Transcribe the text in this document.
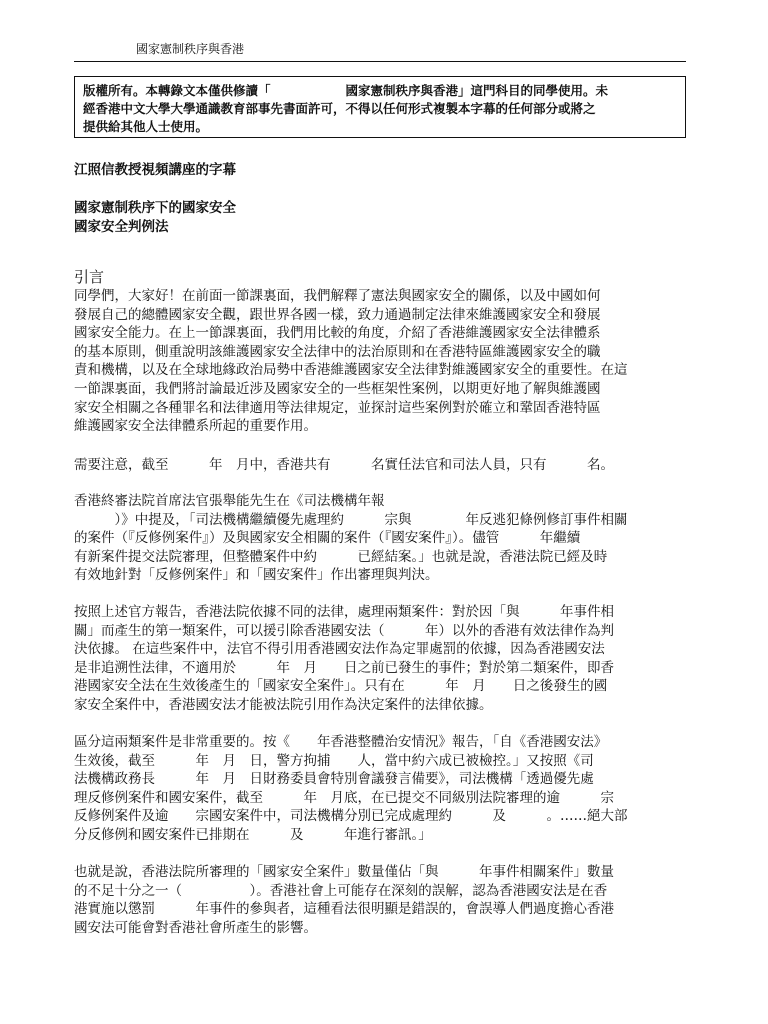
國家憲制秩序與香港
版權所有。本轉錄文本僅供修讀「　　　　　　國家憲制秩序與香港」這門科目的同學使用。未
經香港中文大學大學通識教育部事先書面許可，不得以任何形式複製本字幕的任何部分或將之
提供給其他人士使用。
江照信教授視頻講座的字幕
國家憲制秩序下的國家安全
國家安全判例法
引言
同學們，大家好！在前面一節課裏面，我們解釋了憲法與國家安全的關係，以及中國如何
發展自己的總體國家安全觀，跟世界各國一樣，致力通過制定法律來維護國家安全和發展
國家安全能力。在上一節課裏面，我們用比較的角度，介紹了香港維護國家安全法律體系
的基本原則，側重說明該維護國家安全法律中的法治原則和在香港特區維護國家安全的職
責和機構，以及在全球地緣政治局勢中香港維護國家安全法律對維護國家安全的重要性。在這
一節課裏面，我們將討論最近涉及國家安全的一些框架性案例，以期更好地了解與維護國
家安全相關之各種罪名和法律適用等法律規定，並探討這些案例對於確立和鞏固香港特區
維護國家安全法律體系所起的重要作用。
需要注意，截至　　　年　月中，香港共有　　　名實任法官和司法人員，只有　　　名。
香港終審法院首席法官張舉能先生在《司法機構年報
　　　）》中提及，「司法機構繼續優先處理約　　　宗與　　　　年反逃犯條例修訂事件相關
的案件（『反修例案件』）及與國家安全相關的案件（『國安案件』）。儘管　　　年繼續
有新案件提交法院審理，但整體案件中約　　　已經結案。」也就是說，香港法院已經及時
有效地針對「反修例案件」和「國安案件」作出審理與判決。
按照上述官方報告，香港法院依據不同的法律，處理兩類案件：對於因「與　　　年事件相
關」而產生的第一類案件，可以援引除香港國安法（　　　年）以外的香港有效法律作為判
決依據。 在這些案件中，法官不得引用香港國安法作為定罪處罰的依據，因為香港國安法
是非追溯性法律，不適用於　　　年　月　　日之前已發生的事件；對於第二類案件，即香
港國家安全法在生效後產生的「國家安全案件」。只有在　　　年　月　　日之後發生的國
家安全案件中，香港國安法才能被法院引用作為決定案件的法律依據。
區分這兩類案件是非常重要的。按《　　年香港整體治安情況》報告，「自《香港國安法》
生效後，截至　　　年　月　日，警方拘捕　　人，當中約六成已被檢控。」又按照《司
法機構政務長　　　年　月　日財務委員會特別會議發言備要》，司法機構「透過優先處
理反修例案件和國安案件，截至　　　年　月底，在已提交不同級別法院審理的逾　　　宗
反修例案件及逾　　宗國安案件中，司法機構分別已完成處理約　　　及　　　。……絕大部
分反修例和國安案件已排期在　　　及　　　年進行審訊。」
也就是說，香港法院所審理的「國家安全案件」數量僅佔「與　　　年事件相關案件」數量
的不足十分之一（　　　　　）。香港社會上可能存在深刻的誤解，認為香港國安法是在香
港實施以懲罰　　　年事件的參與者，這種看法很明顯是錯誤的，會誤導人們過度擔心香港
國安法可能會對香港社會所產生的影響。
